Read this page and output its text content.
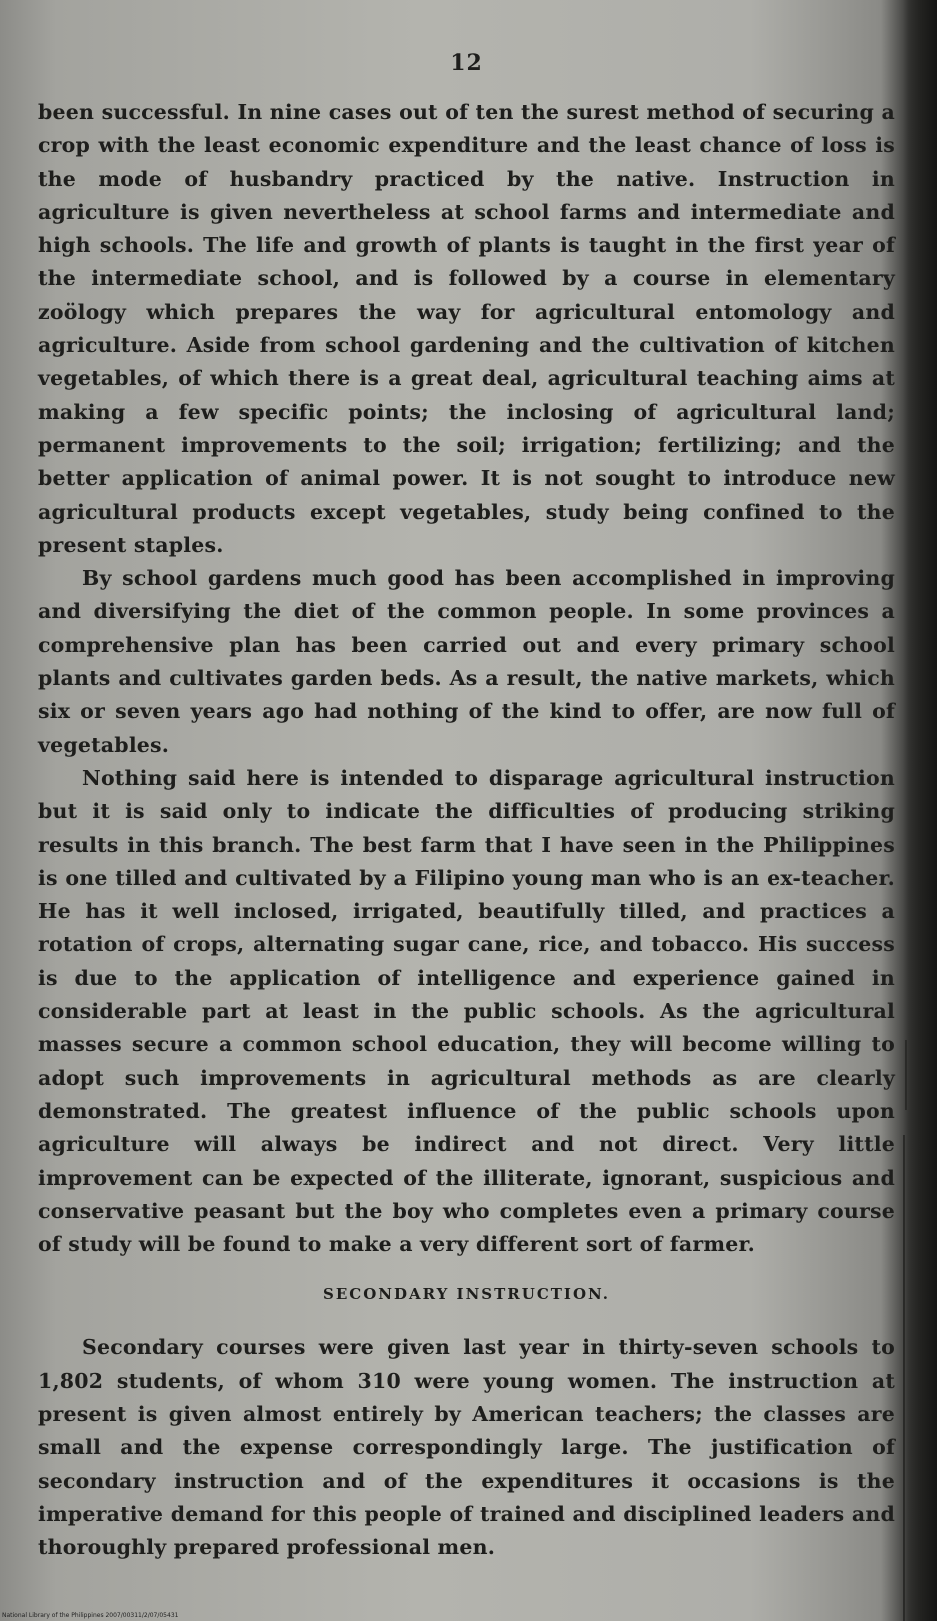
12

been successful. In nine cases out of ten the surest method of securing a crop with the least economic expenditure and the least chance of loss is the mode of husbandry practiced by the native. Instruction in agriculture is given nevertheless at school farms and intermediate and high schools. The life and growth of plants is taught in the first year of the intermediate school, and is followed by a course in elementary zoölogy which prepares the way for agricultural entomology and agriculture. Aside from school gardening and the cultivation of kitchen vegetables, of which there is a great deal, agricultural teaching aims at making a few specific points; the inclosing of agricultural land; permanent improvements to the soil; irrigation; fertilizing; and the better application of animal power. It is not sought to introduce new agricultural products except vegetables, study being confined to the present staples.

By school gardens much good has been accomplished in improving and diversifying the diet of the common people. In some provinces a comprehensive plan has been carried out and every primary school plants and cultivates garden beds. As a result, the native markets, which six or seven years ago had nothing of the kind to offer, are now full of vegetables.

Nothing said here is intended to disparage agricultural instruction but it is said only to indicate the difficulties of producing striking results in this branch. The best farm that I have seen in the Philippines is one tilled and cultivated by a Filipino young man who is an ex-teacher. He has it well inclosed, irrigated, beautifully tilled, and practices a rotation of crops, alternating sugar cane, rice, and tobacco. His success is due to the application of intelligence and experience gained in considerable part at least in the public schools. As the agricultural masses secure a common school education, they will become willing to adopt such improvements in agricultural methods as are clearly demonstrated. The greatest influence of the public schools upon agriculture will always be indirect and not direct. Very little improvement can be expected of the illiterate, ignorant, suspicious and conservative peasant but the boy who completes even a primary course of study will be found to make a very different sort of farmer.

SECONDARY INSTRUCTION.

Secondary courses were given last year in thirty-seven schools to 1,802 students, of whom 310 were young women. The instruction at present is given almost entirely by American teachers; the classes are small and the expense correspondingly large. The justification of secondary instruction and of the expenditures it occasions is the imperative demand for this people of trained and disciplined leaders and thoroughly prepared professional men.

National Library of the Philippines 2007/00311/2/07/05431
